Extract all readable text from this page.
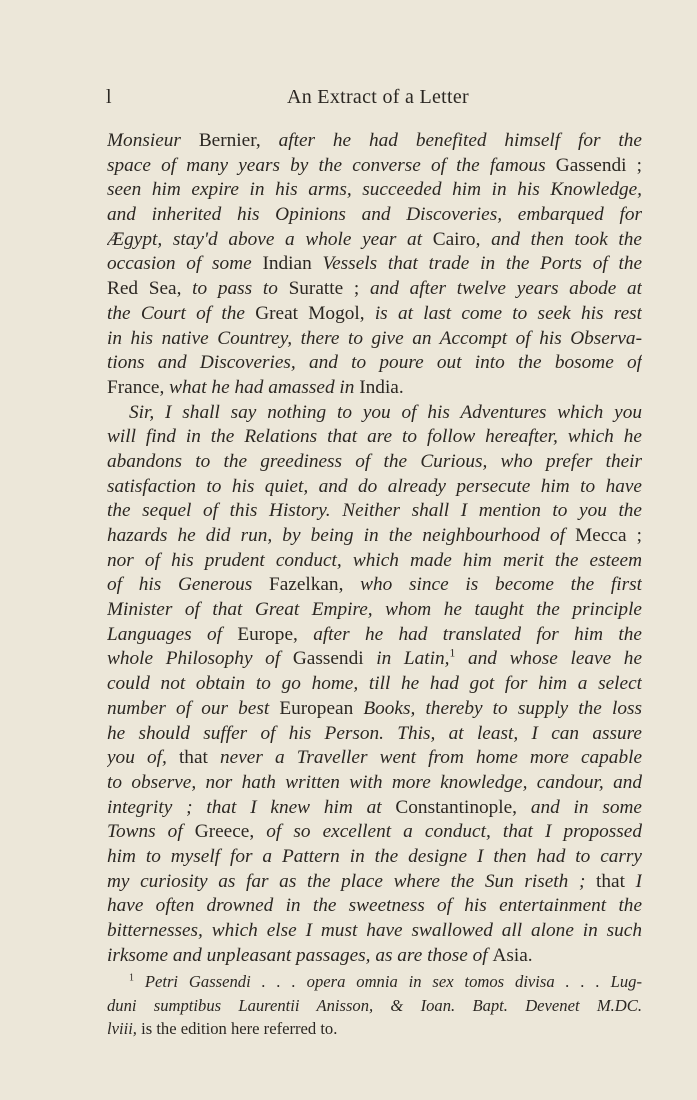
l	An Extract of a Letter
Monsieur Bernier, after he had benefited himself for the
space of many years by the converse of the famous Gassendi ;
seen him expire in his arms, succeeded him in his Knowledge,
and inherited his Opinions and Discoveries, embarqued for
Ægypt, stay'd above a whole year at Cairo, and then took the
occasion of some Indian Vessels that trade in the Ports of the
Red Sea, to pass to Suratte ; and after twelve years abode at
the Court of the Great Mogol, is at last come to seek his rest
in his native Countrey, there to give an Accompt of his Observa-
tions and Discoveries, and to poure out into the bosome of
France, what he had amassed in India.
Sir, I shall say nothing to you of his Adventures which you
will find in the Relations that are to follow hereafter, which he
abandons to the greediness of the Curious, who prefer their
satisfaction to his quiet, and do already persecute him to have
the sequel of this History. Neither shall I mention to you the
hazards he did run, by being in the neighbourhood of Mecca ;
nor of his prudent conduct, which made him merit the esteem
of his Generous Fazelkan, who since is become the first
Minister of that Great Empire, whom he taught the principle
Languages of Europe, after he had translated for him the
whole Philosophy of Gassendi in Latin,$^1$ and whose leave he
could not obtain to go home, till he had got for him a select
number of our best European Books, thereby to supply the loss
he should suffer of his Person. This, at least, I can assure
you of, that never a Traveller went from home more capable
to observe, nor hath written with more knowledge, candour, and
integrity ; that I knew him at Constantinople, and in some
Towns of Greece, of so excellent a conduct, that I propossed
him to myself for a Pattern in the designe I then had to carry
my curiosity as far as the place where the Sun riseth ; that I
have often drowned in the sweetness of his entertainment the
bitternesses, which else I must have swallowed all alone in such
irksome and unpleasant passages, as are those of Asia.
$^1$ Petri Gassendi . . . opera omnia in sex tomos divisa . . . Lug-
duni sumptibus Laurentii Anisson, & Ioan. Bapt. Devenet M.DC.
lviii, is the edition here referred to.
